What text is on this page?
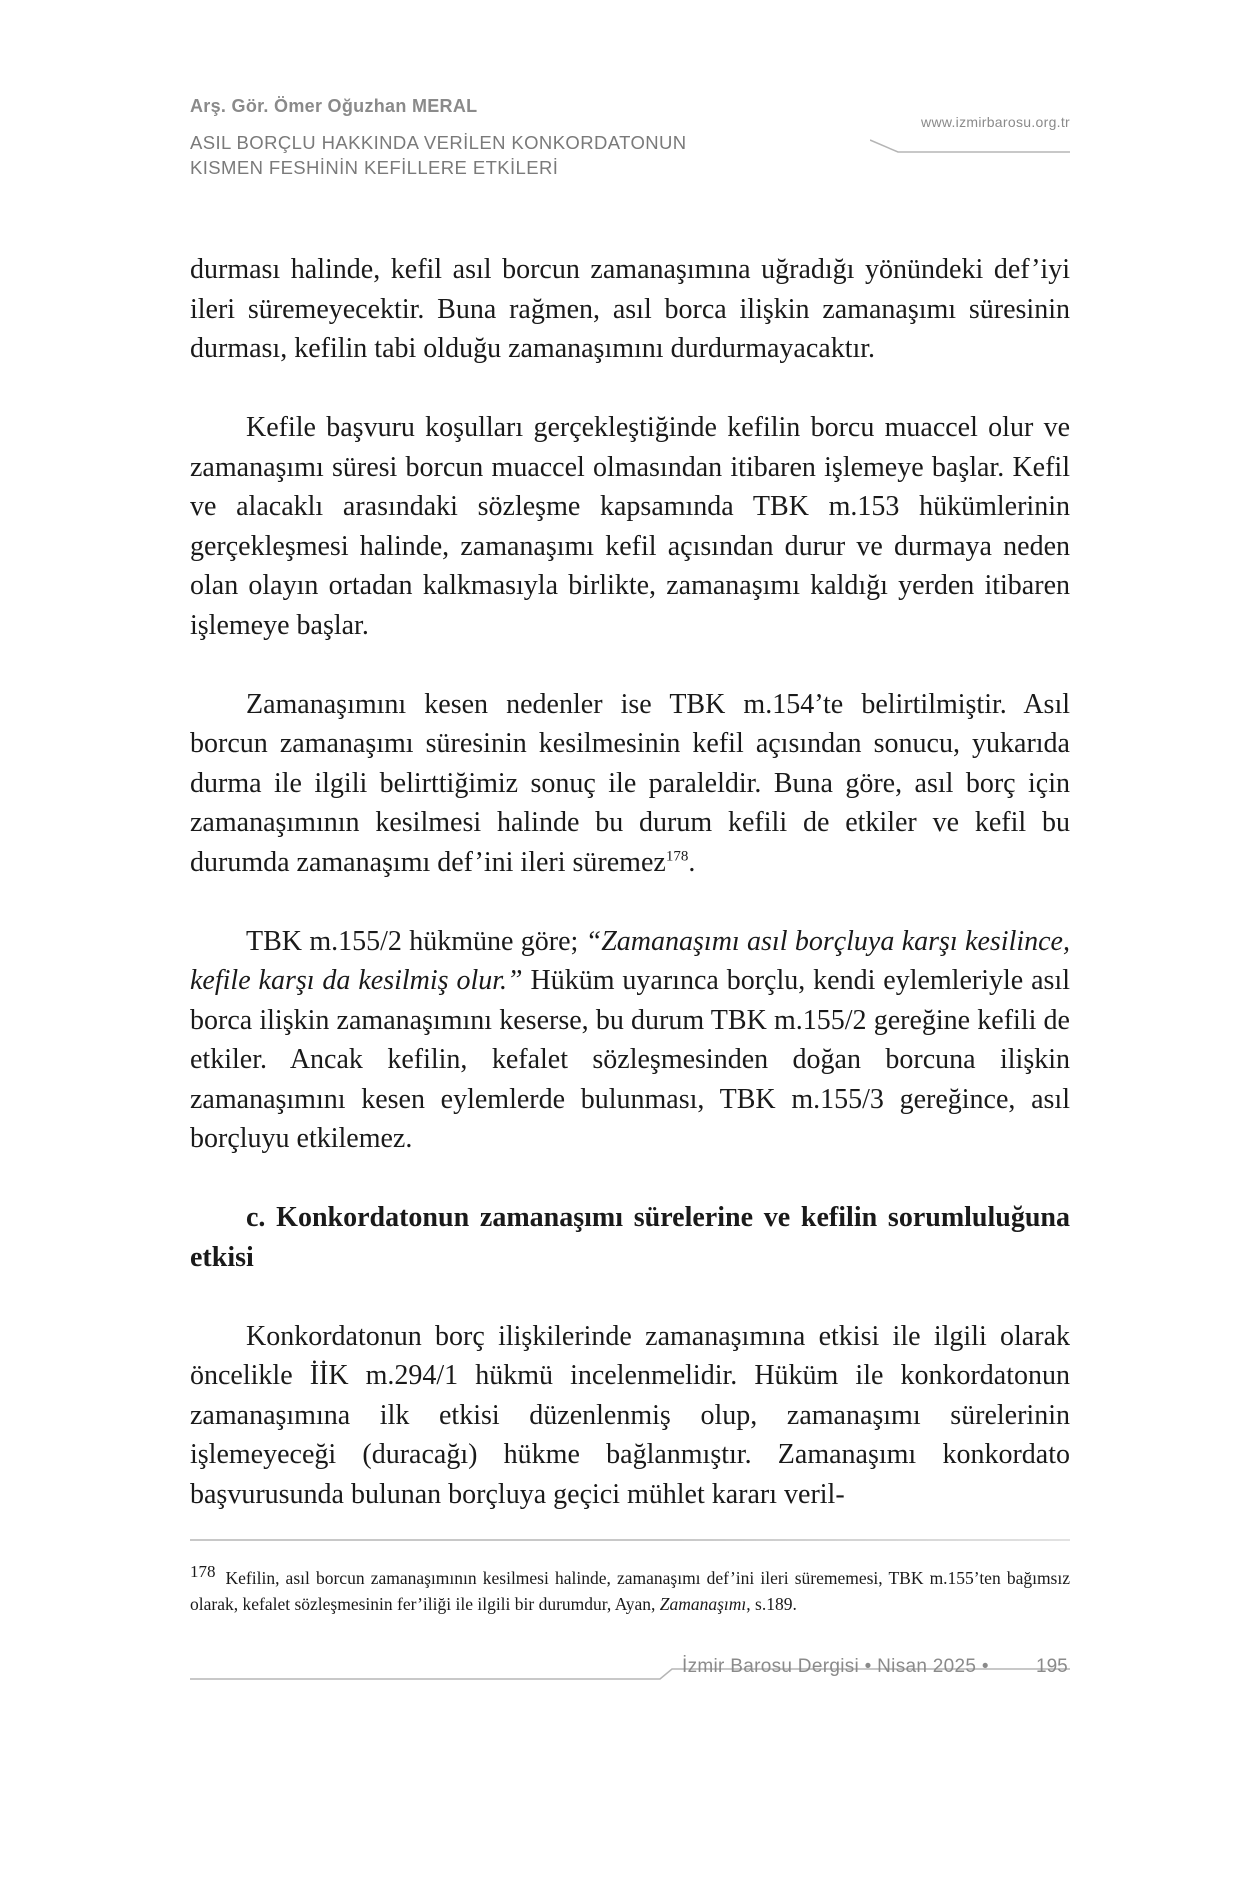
Arş. Gör. Ömer Oğuzhan MERAL
ASIL BORÇLU HAKKINDA VERİLEN KONKORDATONUN
KISMEN FESHİNİN KEFİLLERE ETKİLERİ
www.izmirbarosu.org.tr

durması halinde, kefil asıl borcun zamanaşımına uğradığı yönündeki def’iyi ileri süremeyecektir. Buna rağmen, asıl borca ilişkin zamanaşımı süresinin durması, kefilin tabi olduğu zamanaşımını durdurmayacaktır.

Kefile başvuru koşulları gerçekleştiğinde kefilin borcu muaccel olur ve zamanaşımı süresi borcun muaccel olmasından itibaren işlemeye başlar. Kefil ve alacaklı arasındaki sözleşme kapsamında TBK m.153 hükümlerinin gerçekleşmesi halinde, zamanaşımı kefil açısından durur ve durmaya neden olan olayın ortadan kalkmasıyla birlikte, zamanaşımı kaldığı yerden itibaren işlemeye başlar.

Zamanaşımını kesen nedenler ise TBK m.154’te belirtilmiştir. Asıl borcun zamanaşımı süresinin kesilmesinin kefil açısından sonucu, yukarıda durma ile ilgili belirttiğimiz sonuç ile paraleldir. Buna göre, asıl borç için zamanaşımının kesilmesi halinde bu durum kefili de etkiler ve kefil bu durumda zamanaşımı def’ini ileri süremez$^{178}$.

TBK m.155/2 hükmüne göre; “Zamanaşımı asıl borçluya karşı kesilince, kefile karşı da kesilmiş olur.” Hüküm uyarınca borçlu, kendi eylemleriyle asıl borca ilişkin zamanaşımını keserse, bu durum TBK m.155/2 gereğine kefili de etkiler. Ancak kefilin, kefalet sözleşmesinden doğan borcuna ilişkin zamanaşımını kesen eylemlerde bulunması, TBK m.155/3 gereğince, asıl borçluyu etkilemez.

c. Konkordatonun zamanaşımı sürelerine ve kefilin sorumluluğuna etkisi

Konkordatonun borç ilişkilerinde zamanaşımına etkisi ile ilgili olarak öncelikle İİK m.294/1 hükmü incelenmelidir. Hüküm ile konkordatonun zamanaşımına ilk etkisi düzenlenmiş olup, zamanaşımı sürelerinin işlemeyeceği (duracağı) hükme bağlanmıştır. Zamanaşımı konkordato başvurusunda bulunan borçluya geçici mühlet kararı veril-

178 Kefilin, asıl borcun zamanaşımının kesilmesi halinde, zamanaşımı def’ini ileri sürememesi, TBK m.155’ten bağımsız olarak, kefalet sözleşmesinin fer’iliği ile ilgili bir durumdur, Ayan, Zamanaşımı, s.189.
İzmir Barosu Dergisi • Nisan 2025 • 195
